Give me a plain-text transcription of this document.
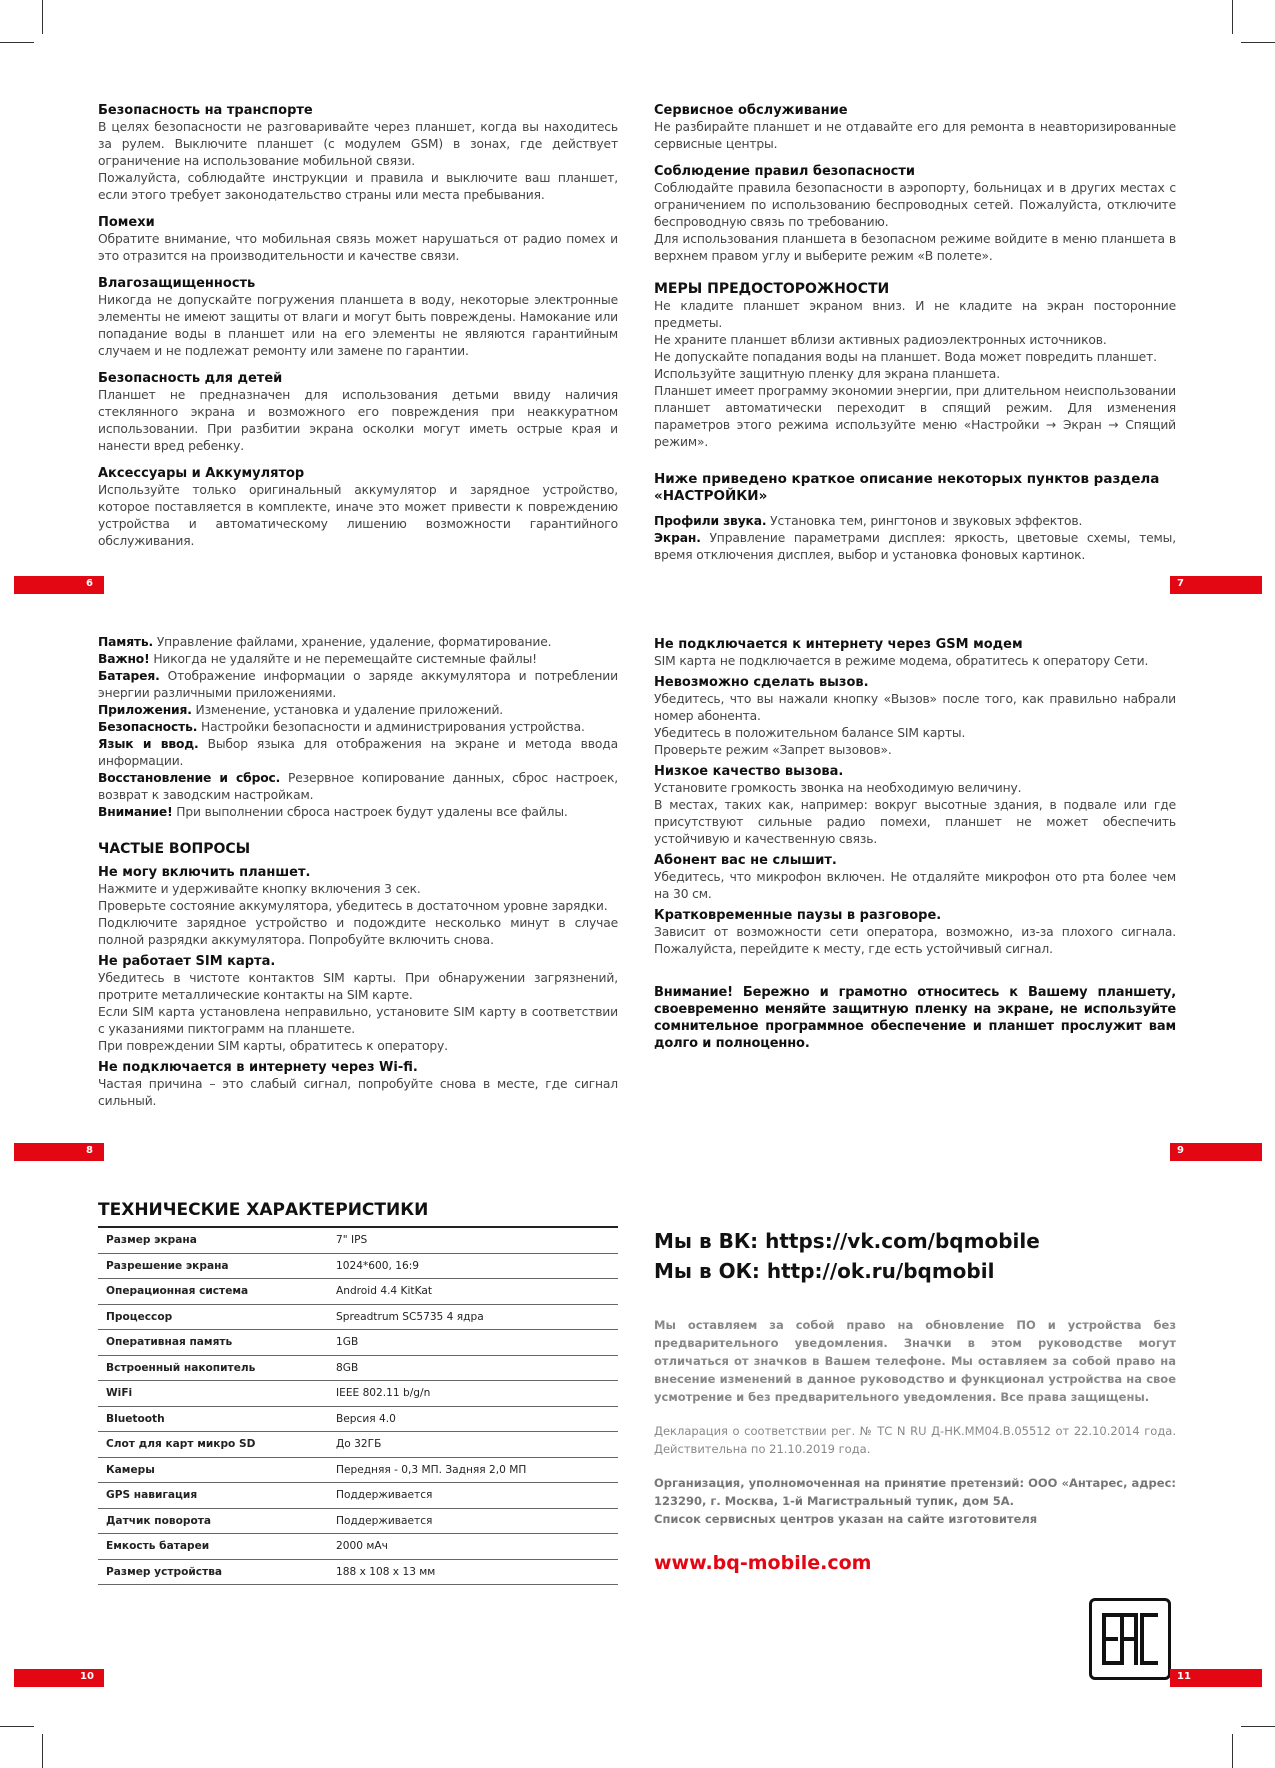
Безопасность на транспорте

В целях безопасности не разговаривайте через планшет, когда вы находитесь за рулем. Выключите планшет (с модулем GSM) в зонах, где действует ограничение на использование мобильной связи.

Пожалуйста, соблюдайте инструкции и правила и выключите ваш планшет, если этого требует законодательство страны или места пребывания.

Помехи

Обратите внимание, что мобильная связь может нарушаться от радио помех и это отразится на производительности и качестве связи.

Влагозащищенность

Никогда не допускайте погружения планшета в воду, некоторые электронные элементы не имеют защиты от влаги и могут быть повреждены. Намокание или попадание воды в планшет или на его элементы не являются гарантийным случаем и не подлежат ремонту или замене по гарантии.

Безопасность для детей

Планшет не предназначен для использования детьми ввиду наличия стеклянного экрана и возможного его повреждения при неаккуратном использовании. При разбитии экрана осколки могут иметь острые края и нанести вред ребенку.

Аксессуары и Аккумулятор

Используйте только оригинальный аккумулятор и зарядное устройство, которое поставляется в комплекте, иначе это может привести к повреждению устройства и автоматическому лишению возможности гарантийного обслуживания.

6
Сервисное обслуживание

Не разбирайте планшет и не отдавайте его для ремонта в неавторизированные сервисные центры.

Соблюдение правил безопасности

Соблюдайте правила безопасности в аэропорту, больницах и в других местах с ограничением по использованию беспроводных сетей. Пожалуйста, отключите беспроводную связь по требованию.

Для использования планшета в безопасном режиме войдите в меню планшета в верхнем правом углу и выберите режим «В полете».

МЕРЫ ПРЕДОСТОРОЖНОСТИ

Не кладите планшет экраном вниз. И не кладите на экран посторонние предметы.

Не храните планшет вблизи активных радиоэлектронных источников.

Не допускайте попадания воды на планшет. Вода может повредить планшет.

Используйте защитную пленку для экрана планшета.

Планшет имеет программу экономии энергии, при длительном неиспользовании планшет автоматически переходит в спящий режим. Для изменения параметров этого режима используйте меню «Настройки → Экран → Спящий режим».

Ниже приведено краткое описание некоторых пунктов раздела «НАСТРОЙКИ»

Профили звука. Установка тем, рингтонов и звуковых эффектов.

Экран. Управление параметрами дисплея: яркость, цветовые схемы, темы, время отключения дисплея, выбор и установка фоновых картинок.

7

Память. Управление файлами, хранение, удаление, форматирование.

Важно! Никогда не удаляйте и не перемещайте системные файлы!

Батарея. Отображение информации о заряде аккумулятора и потреблении энергии различными приложениями.

Приложения. Изменение, установка и удаление приложений.

Безопасность. Настройки безопасности и администрирования устройства.

Язык и ввод. Выбор языка для отображения на экране и метода ввода информации.

Восстановление и сброс. Резервное копирование данных, сброс настроек, возврат к заводским настройкам.

Внимание! При выполнении сброса настроек будут удалены все файлы.

ЧАСТЫЕ ВОПРОСЫ
Не могу включить планшет.

Нажмите и удерживайте кнопку включения 3 сек.

Проверьте состояние аккумулятора, убедитесь в достаточном уровне зарядки.

Подключите зарядное устройство и подождите несколько минут в случае полной разрядки аккумулятора. Попробуйте включить снова.

Не работает SIM карта.

Убедитесь в чистоте контактов SIM карты. При обнаружении загрязнений, протрите металлические контакты на SIM карте.

Если SIM карта установлена неправильно, установите SIM карту в соответствии с указаниями пиктограмм на планшете.

При повреждении SIM карты, обратитесь к оператору.

Не подключается в интернету через Wi-fi.

Частая причина – это слабый сигнал, попробуйте снова в месте, где сигнал сильный.

8
Не подключается к интернету через GSM модем

SIM карта не подключается в режиме модема, обратитесь к оператору Сети.

Невозможно сделать вызов.

Убедитесь, что вы нажали кнопку «Вызов» после того, как правильно набрали номер абонента.

Убедитесь в положительном балансе SIM карты.

Проверьте режим «Запрет вызовов».

Низкое качество вызова.

Установите громкость звонка на необходимую величину.

В местах, таких как, например: вокруг высотные здания, в подвале или где присутствуют сильные радио помехи, планшет не может обеспечить устойчивую и качественную связь.

Абонент вас не слышит.

Убедитесь, что микрофон включен. Не отдаляйте микрофон ото рта более чем на 30 см.

Кратковременные паузы в разговоре.

Зависит от возможности сети оператора, возможно, из-за плохого сигнала. Пожалуйста, перейдите к месту, где есть устойчивый сигнал.

Внимание! Бережно и грамотно относитесь к Вашему планшету, своевременно меняйте защитную пленку на экране, не используйте сомнительное программное обеспечение и планшет прослужит вам долго и полноценно.

9
ТЕХНИЧЕСКИЕ ХАРАКТЕРИСТИКИ
Размер экрана	7" IPS
Разрешение экрана	1024*600, 16:9
Операционная система	Android 4.4 KitKat
Процессор	Spreadtrum SC5735 4 ядра
Оперативная память	1GB
Встроенный накопитель	8GB
WiFi	IEEE 802.11 b/g/n
Bluetooth	Версия 4.0
Слот для карт микро SD	До 32ГБ
Камеры	Передняя - 0,3 МП. Задняя 2,0 МП
GPS навигация	Поддерживается
Датчик поворота	Поддерживается
Емкость батареи	2000 мАч
Размер устройства	188 х 108 х 13 мм
10
Мы в ВК: https://vk.com/bqmobile
Мы в ОК: http://ok.ru/bqmobil
Мы оставляем за собой право на обновление ПО и устройства без предварительного уведомления. Значки в этом руководстве могут отличаться от значков в Вашем телефоне. Мы оставляем за собой право на внесение изменений в данное руководство и функционал устройства на свое усмотрение и без предварительного уведомления. Все права защищены.
Декларация о соответствии рег. № ТС N RU Д-НК.ММ04.В.05512 от 22.10.2014 года. Действительна по 21.10.2019 года.
Организация, уполномоченная на принятие претензий: ООО «Антарес, адрес: 123290, г. Москва, 1-й Магистральный тупик, дом 5А.
Список сервисных центров указан на сайте изготовителя
www.bq-mobile.com
11
